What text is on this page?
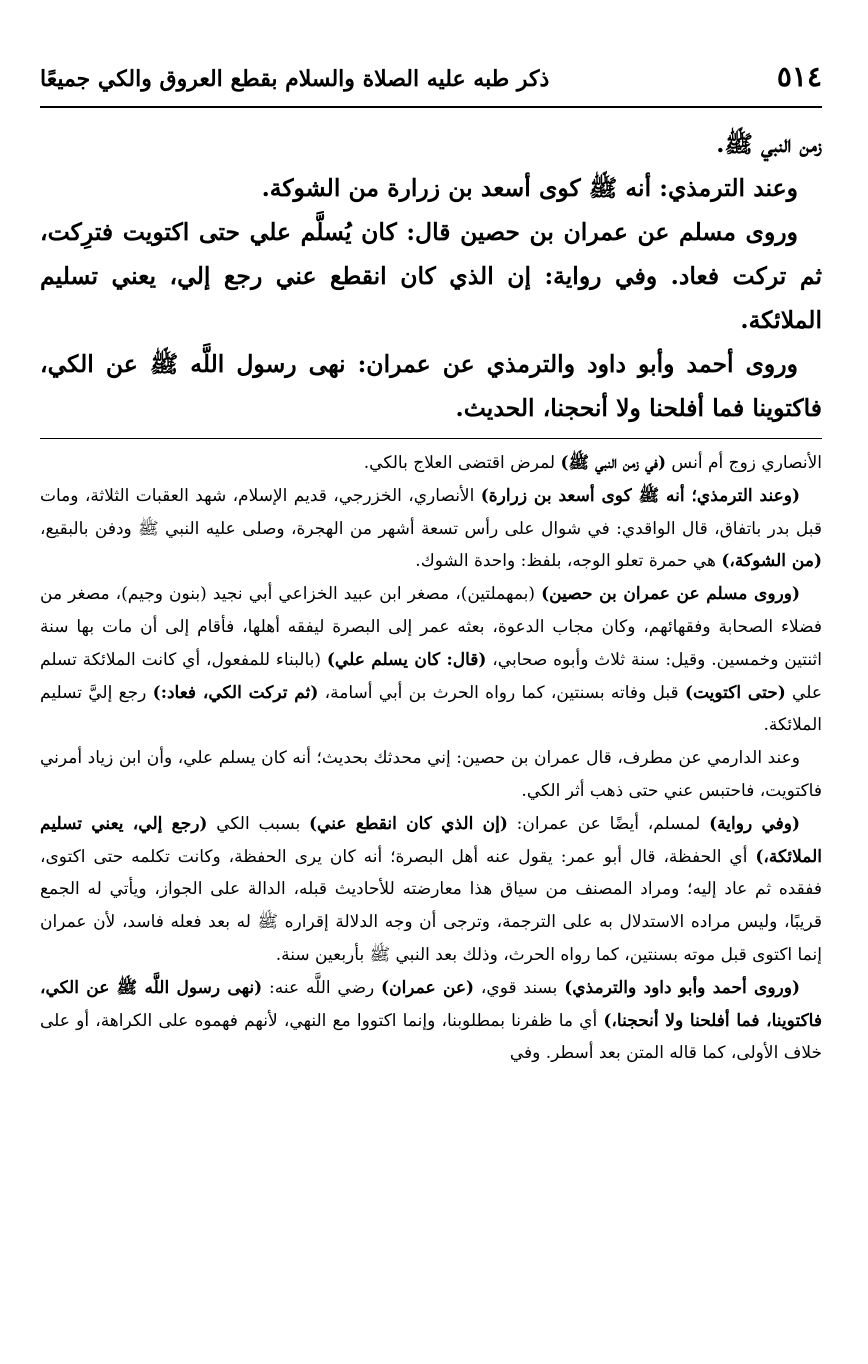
٥١٤
ذكر طبه عليه الصلاة والسلام بقطع العروق والكي جميعًا

زمن النبي ﷺ.

وعند الترمذي: أنه ﷺ كوى أسعد بن زرارة من الشوكة.

وروى مسلم عن عمران بن حصين قال: كان يُسلَّم علي حتى اكتويت فترِكت، ثم تركت فعاد. وفي رواية: إن الذي كان انقطع عني رجع إلي، يعني تسليم الملائكة.

وروى أحمد وأبو داود والترمذي عن عمران: نهى رسول اللَّه ﷺ عن الكي، فاكتوينا فما أفلحنا ولا أنحجنا، الحديث.

الأنصاري زوج أم أنس (في زمن النبي ﷺ) لمرض اقتضى العلاج بالكي.

(وعند الترمذي؛ أنه ﷺ كوى أسعد بن زرارة) الأنصاري، الخزرجي، قديم الإسلام، شهد العقبات الثلاثة، ومات قبل بدر باتفاق، قال الواقدي: في شوال على رأس تسعة أشهر من الهجرة، وصلى عليه النبي ﷺ ودفن بالبقيع، (من الشوكة،) هي حمرة تعلو الوجه، بلفظ: واحدة الشوك.

(وروى مسلم عن عمران بن حصين) (بمهملتين)، مصغر ابن عبيد الخزاعي أبي نجيد (بنون وجيم)، مصغر من فضلاء الصحابة وفقهائهم، وكان مجاب الدعوة، بعثه عمر إلى البصرة ليفقه أهلها، فأقام إلى أن مات بها سنة اثنتين وخمسين. وقيل: سنة ثلاث وأبوه صحابي، (قال: كان يسلم علي) (بالبناء للمفعول، أي كانت الملائكة تسلم علي (حتى اكتويت) قبل وفاته بسنتين، كما رواه الحرث بن أبي أسامة، (ثم تركت الكي، فعاد:) رجع إليَّ تسليم الملائكة.

وعند الدارمي عن مطرف، قال عمران بن حصين: إني محدثك بحديث؛ أنه كان يسلم علي، وأن ابن زياد أمرني فاكتويت، فاحتبس عني حتى ذهب أثر الكي.

(وفي رواية) لمسلم، أيضًا عن عمران: (إن الذي كان انقطع عني) بسبب الكي (رجع إلي، يعني تسليم الملائكة،) أي الحفظة، قال أبو عمر: يقول عنه أهل البصرة؛ أنه كان يرى الحفظة، وكانت تكلمه حتى اكتوى، ففقده ثم عاد إليه؛ ومراد المصنف من سياق هذا معارضته للأحاديث قبله، الدالة على الجواز، ويأتي له الجمع قريبًا، وليس مراده الاستدلال به على الترجمة، وترجى أن وجه الدلالة إقراره ﷺ له بعد فعله فاسد، لأن عمران إنما اكتوى قبل موته بسنتين، كما رواه الحرث، وذلك بعد النبي ﷺ بأربعين سنة.

(وروى أحمد وأبو داود والترمذي) بسند قوي، (عن عمران) رضي اللَّه عنه: (نهى رسول اللَّه ﷺ عن الكي، فاكتوينا، فما أفلحنا ولا أنحجنا،) أي ما ظفرنا بمطلوبنا، وإنما اكتووا مع النهي، لأنهم فهموه على الكراهة، أو على خلاف الأولى، كما قاله المتن بعد أسطر. وفي
